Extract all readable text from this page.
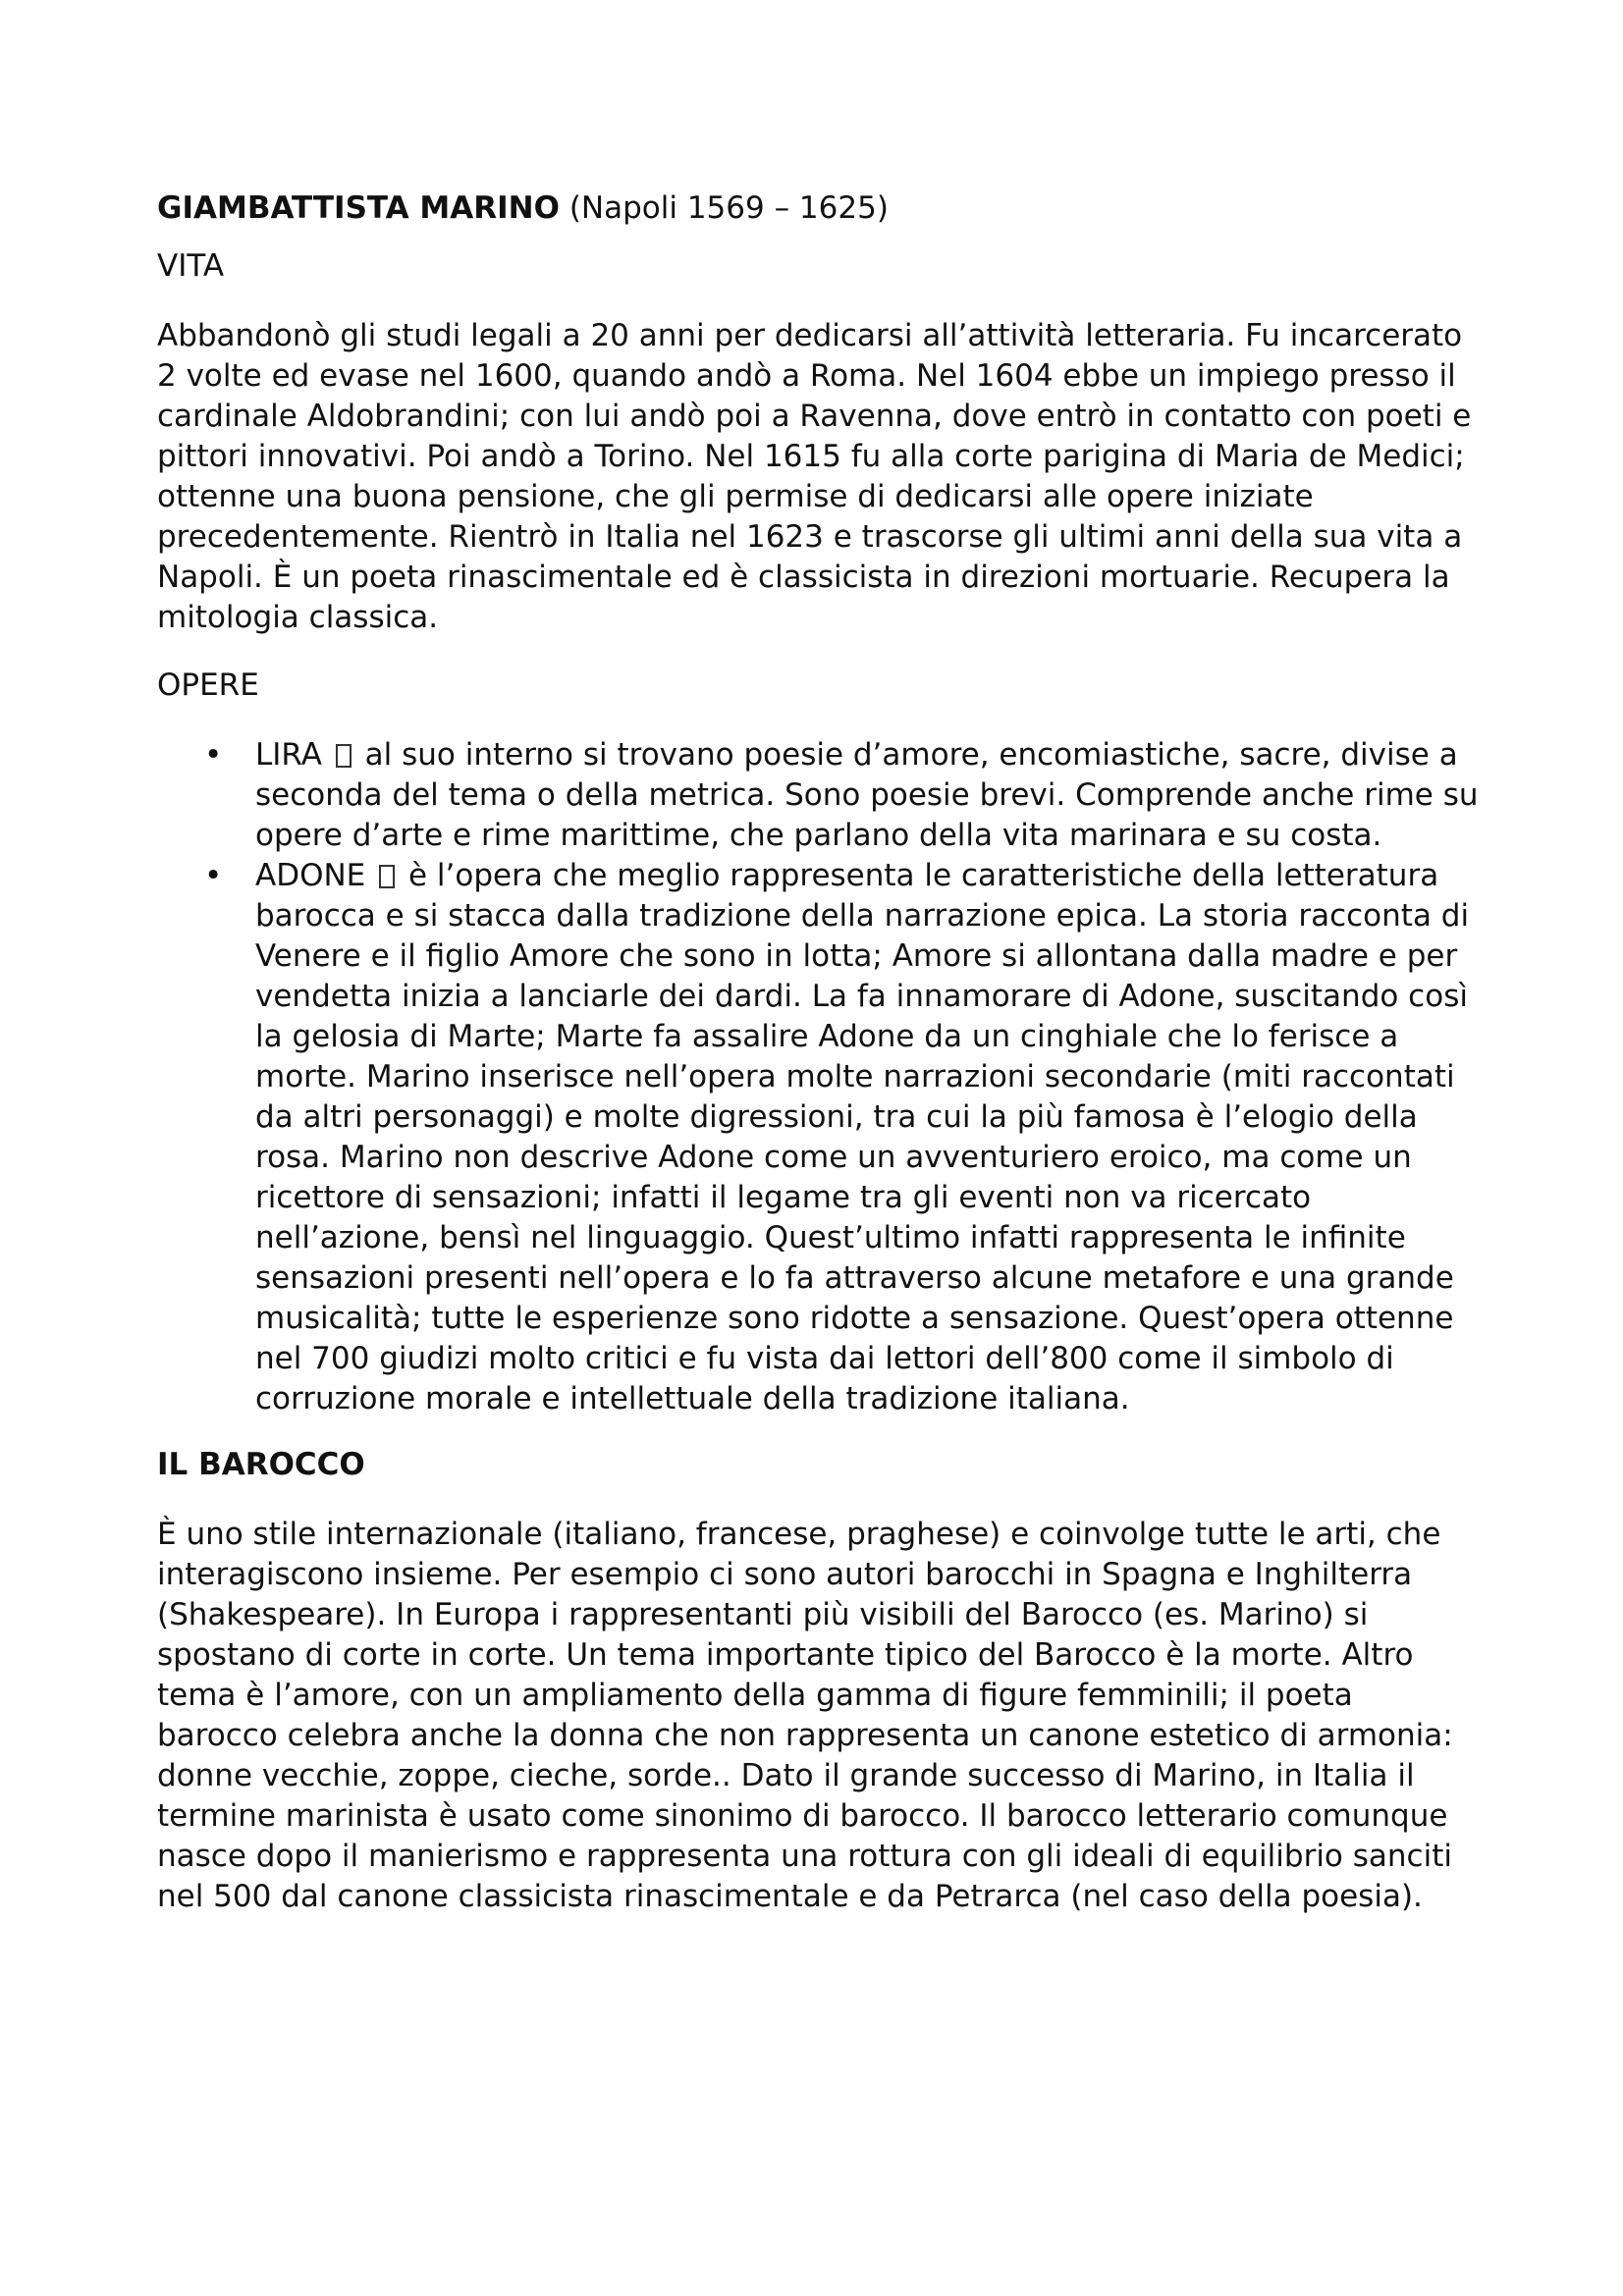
GIAMBATTISTA MARINO (Napoli 1569 – 1625)
VITA

Abbandonò gli studi legali a 20 anni per dedicarsi all’attività letteraria. Fu incarcerato 2 volte ed evase nel 1600, quando andò a Roma. Nel 1604 ebbe un impiego presso il cardinale Aldobrandini; con lui andò poi a Ravenna, dove entrò in contatto con poeti e pittori innovativi. Poi andò a Torino. Nel 1615 fu alla corte parigina di Maria de Medici; ottenne una buona pensione, che gli permise di dedicarsi alle opere iniziate precedentemente. Rientrò in Italia nel 1623 e trascorse gli ultimi anni della sua vita a Napoli. È un poeta rinascimentale ed è classicista in direzioni mortuarie. Recupera la mitologia classica.

OPERE
• LIRA al suo interno si trovano poesie d’amore, encomiastiche, sacre, divise a seconda del tema o della metrica. Sono poesie brevi. Comprende anche rime su opere d’arte e rime marittime, che parlano della vita marinara e su costa.
• ADONE è l’opera che meglio rappresenta le caratteristiche della letteratura barocca e si stacca dalla tradizione della narrazione epica. La storia racconta di Venere e il figlio Amore che sono in lotta; Amore si allontana dalla madre e per vendetta inizia a lanciarle dei dardi. La fa innamorare di Adone, suscitando così la gelosia di Marte; Marte fa assalire Adone da un cinghiale che lo ferisce a morte. Marino inserisce nell’opera molte narrazioni secondarie (miti raccontati da altri personaggi) e molte digressioni, tra cui la più famosa è l’elogio della rosa. Marino non descrive Adone come un avventuriero eroico, ma come un ricettore di sensazioni; infatti il legame tra gli eventi non va ricercato nell’azione, bensì nel linguaggio. Quest’ultimo infatti rappresenta le infinite sensazioni presenti nell’opera e lo fa attraverso alcune metafore e una grande musicalità; tutte le esperienze sono ridotte a sensazione. Quest’opera ottenne nel 700 giudizi molto critici e fu vista dai lettori dell’800 come il simbolo di corruzione morale e intellettuale della tradizione italiana.
IL BAROCCO

È uno stile internazionale (italiano, francese, praghese) e coinvolge tutte le arti, che interagiscono insieme. Per esempio ci sono autori barocchi in Spagna e Inghilterra (Shakespeare). In Europa i rappresentanti più visibili del Barocco (es. Marino) si spostano di corte in corte. Un tema importante tipico del Barocco è la morte. Altro tema è l’amore, con un ampliamento della gamma di figure femminili; il poeta barocco celebra anche la donna che non rappresenta un canone estetico di armonia: donne vecchie, zoppe, cieche, sorde.. Dato il grande successo di Marino, in Italia il termine marinista è usato come sinonimo di barocco. Il barocco letterario comunque nasce dopo il manierismo e rappresenta una rottura con gli ideali di equilibrio sanciti nel 500 dal canone classicista rinascimentale e da Petrarca (nel caso della poesia).
